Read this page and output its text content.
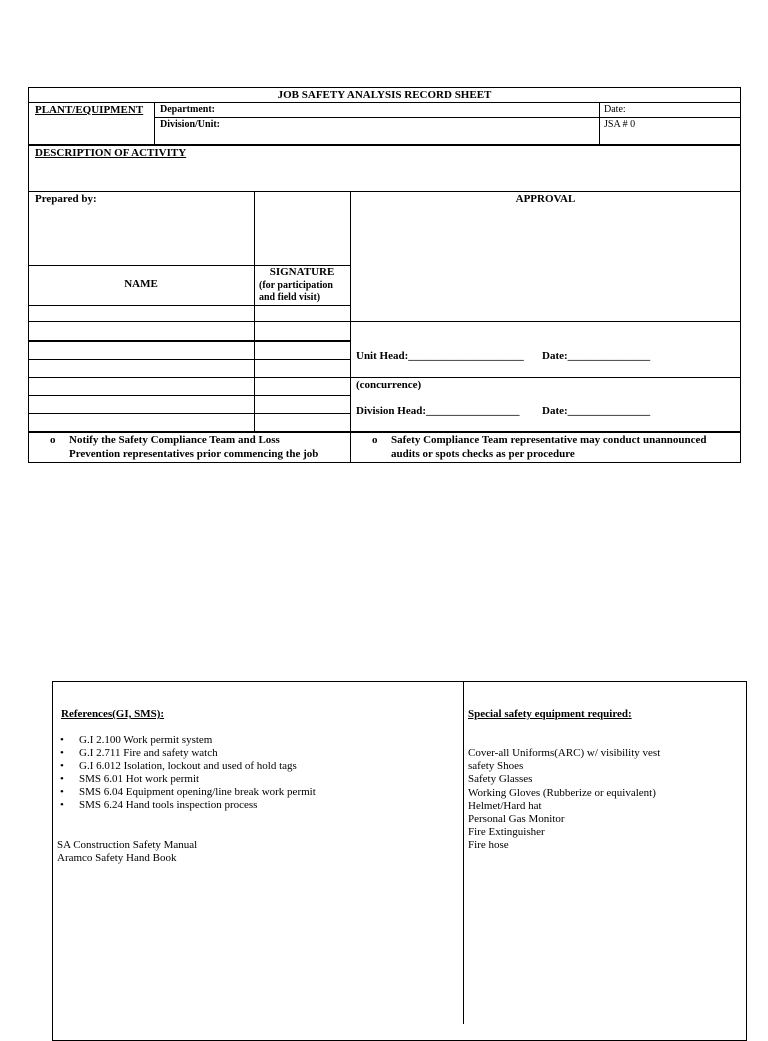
JOB SAFETY ANALYSIS RECORD SHEET
PLANT/EQUIPMENT Department:
Division/Unit:
Date:
JSA # 0
DESCRIPTION OF ACTIVITY
Prepared by:	APPROVAL
NAME
SIGNATURE
(for participation
and field visit)
Unit Head:_____________________ Date:_______________
(concurrence)
Division Head:_________________ Date:_______________
o Notify the Safety Compliance Team and Loss
Prevention representatives prior commencing the job
o Safety Compliance Team representative may conduct unannounced
audits or spots checks as per procedure
References(GI, SMS):
• G.I 2.100 Work permit system
• G.I 2.711 Fire and safety watch
• G.I 6.012 Isolation, lockout and used of hold tags
• SMS 6.01 Hot work permit
• SMS 6.04 Equipment opening/line break work permit
• SMS 6.24 Hand tools inspection process
SA Construction Safety Manual
Aramco Safety Hand Book
Special safety equipment required:
Cover-all Uniforms(ARC) w/ visibility vest
safety Shoes
Safety Glasses
Working Gloves (Rubberize or equivalent)
Helmet/Hard hat
Personal Gas Monitor
Fire Extinguisher
Fire hose
